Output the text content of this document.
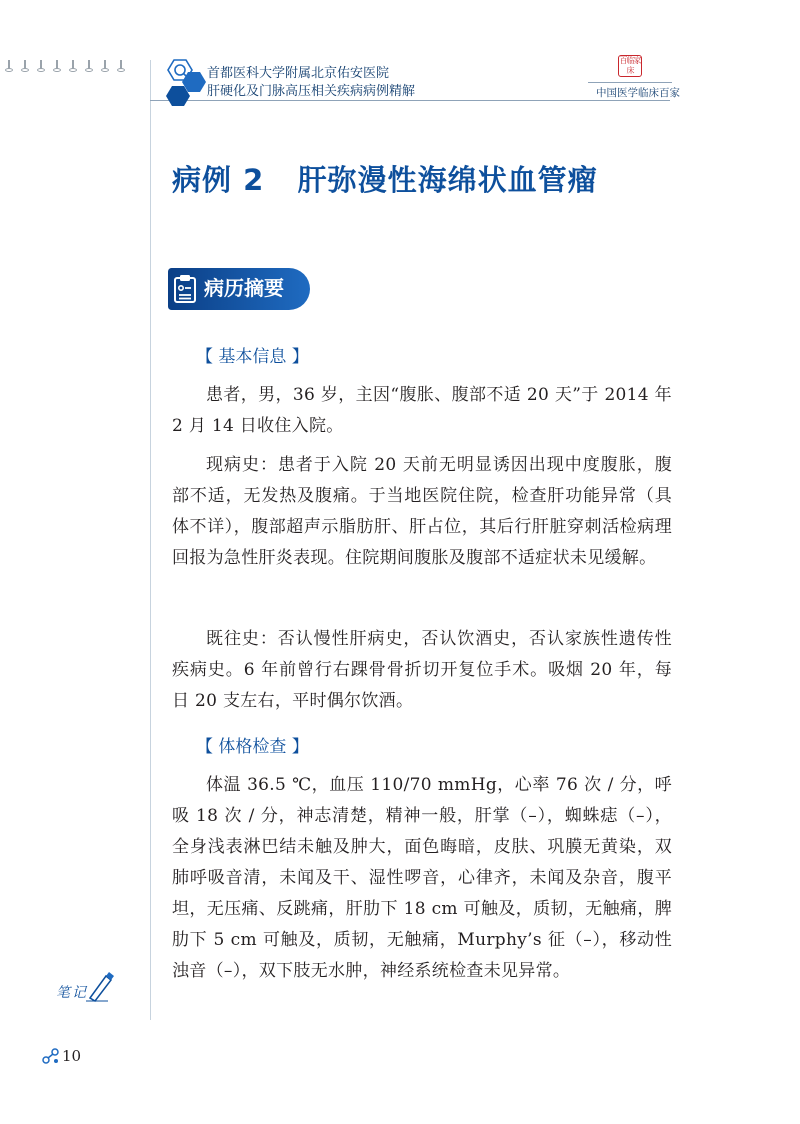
首都医科大学附属北京佑安医院
肝硬化及门脉高压相关疾病病例精解
百临家床
中国医学临床百家
病例 2   肝弥漫性海绵状血管瘤
病历摘要
【 基本信息 】
患者，男，36 岁，主因“腹胀、腹部不适 20 天”于 2014 年 2 月 14 日收住入院。
现病史：患者于入院 20 天前无明显诱因出现中度腹胀，腹部不适，无发热及腹痛。于当地医院住院，检查肝功能异常（具体不详），腹部超声示脂肪肝、肝占位，其后行肝脏穿刺活检病理回报为急性肝炎表现。住院期间腹胀及腹部不适症状未见缓解。
既往史：否认慢性肝病史，否认饮酒史，否认家族性遗传性疾病史。6 年前曾行右踝骨骨折切开复位手术。吸烟 20 年，每日 20 支左右，平时偶尔饮酒。
【 体格检查 】
体温 36.5 ℃，血压 110/70 mmHg，心率 76 次 / 分，呼吸 18 次 / 分，神志清楚，精神一般，肝掌（–），蜘蛛痣（–），全身浅表淋巴结未触及肿大，面色晦暗，皮肤、巩膜无黄染，双肺呼吸音清，未闻及干、湿性啰音，心律齐，未闻及杂音，腹平坦，无压痛、反跳痛，肝肋下 18 cm 可触及，质韧，无触痛，脾肋下 5 cm 可触及，质韧，无触痛，Murphy’s 征（–），移动性浊音（–），双下肢无水肿，神经系统检查未见异常。
笔记
10
